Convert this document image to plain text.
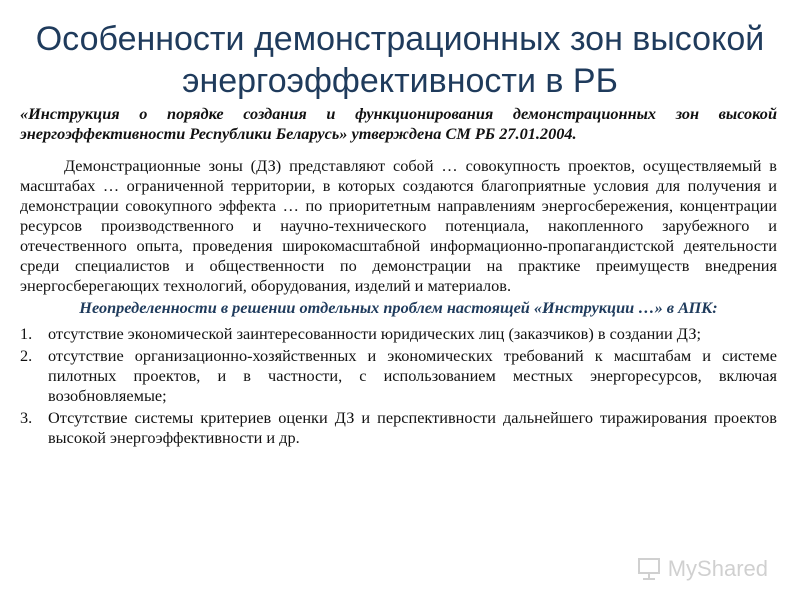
Особенности демонстрационных зон высокой
энергоэффективности в РБ

«Инструкция о порядке создания и функционирования демонстрационных зон высокой энергоэффективности Республики Беларусь» утверждена СМ РБ 27.01.2004.

Демонстрационные зоны (ДЗ) представляют собой … совокупность проектов, осуществляемый в масштабах … ограниченной территории, в которых создаются благоприятные условия для получения и демонстрации совокупного эффекта … по приоритетным направлениям энергосбережения, концентрации ресурсов производственного и научно-технического потенциала, накопленного зарубежного и отечественного опыта, проведения широкомасштабной информационно-пропагандистской деятельности среди специалистов и общественности по демонстрации на практике преимуществ внедрения энергосберегающих технологий, оборудования, изделий и материалов.

Неопределенности в решении отдельных проблем настоящей «Инструкции …» в АПК:

1. отсутствие экономической заинтересованности юридических лиц (заказчиков) в создании ДЗ;
2. отсутствие организационно-хозяйственных и экономических требований к масштабам и системе пилотных проектов, и в частности, с использованием местных энергоресурсов, включая возобновляемые;
3. Отсутствие системы критериев оценки ДЗ и перспективности дальнейшего тиражирования проектов высокой энергоэффективности и др.
MyShared
